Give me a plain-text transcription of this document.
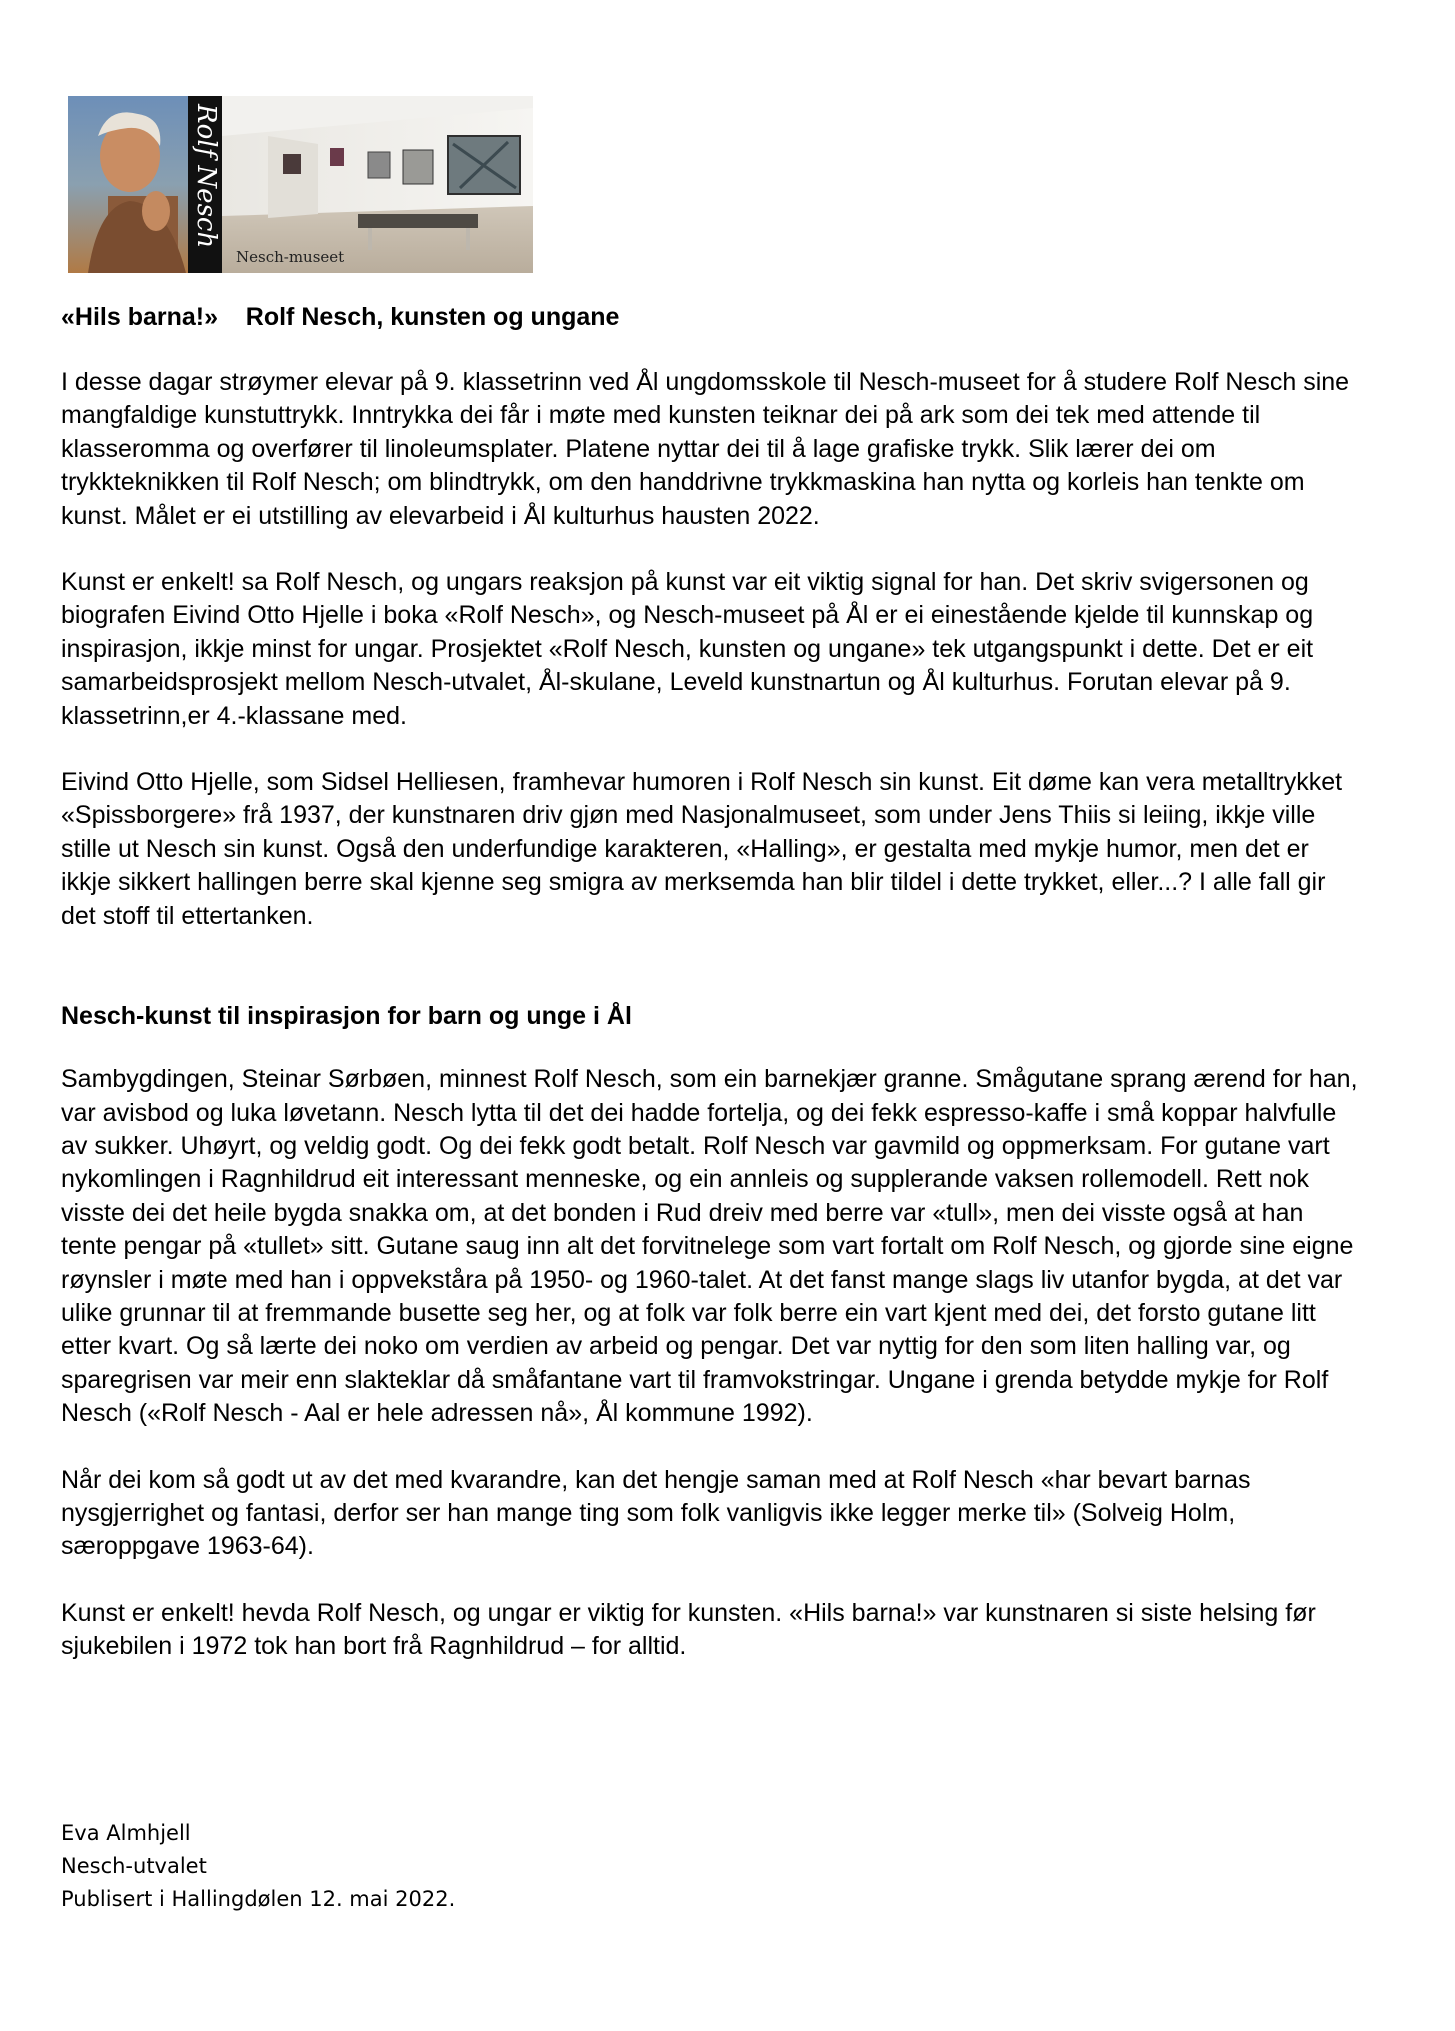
Rolf Nesch
Nesch-museet
«Hils barna!»    Rolf Nesch, kunsten og ungane

I desse dagar strøymer elevar på 9. klassetrinn ved Ål ungdomsskole til Nesch-museet for å studere Rolf Nesch sine mangfaldige kunstuttrykk. Inntrykka dei får i møte med kunsten teiknar dei på ark som dei tek med attende til klasseromma og overfører til linoleumsplater. Platene nyttar dei til å lage grafiske trykk. Slik lærer dei om trykkteknikken til Rolf Nesch; om blindtrykk, om den handdrivne trykkmaskina han nytta og korleis han tenkte om kunst. Målet er ei utstilling av elevarbeid i Ål kulturhus hausten 2022.

Kunst er enkelt! sa Rolf Nesch, og ungars reaksjon på kunst var eit viktig signal for han. Det skriv svigersonen og biografen Eivind Otto Hjelle i boka «Rolf Nesch», og Nesch-museet på Ål er ei einestående kjelde til kunnskap og inspirasjon, ikkje minst for ungar. Prosjektet «Rolf Nesch, kunsten og ungane» tek utgangspunkt i dette. Det er eit samarbeidsprosjekt mellom Nesch-utvalet, Ål-skulane, Leveld kunstnartun og Ål kulturhus. Forutan elevar på 9. klassetrinn,er 4.-klassane med.

Eivind Otto Hjelle, som Sidsel Helliesen, framhevar humoren i Rolf Nesch sin kunst. Eit døme kan vera metalltrykket «Spissborgere» frå 1937, der kunstnaren driv gjøn med Nasjonalmuseet, som under Jens Thiis si leiing, ikkje ville stille ut Nesch sin kunst. Også den underfundige karakteren, «Halling», er gestalta med mykje humor, men det er ikkje sikkert hallingen berre skal kjenne seg smigra av merksemda han blir tildel i dette trykket, eller...? I alle fall gir det stoff til ettertanken.

Nesch-kunst til inspirasjon for barn og unge i Ål

Sambygdingen, Steinar Sørbøen, minnest Rolf Nesch, som ein barnekjær granne. Smågutane sprang ærend for han, var avisbod og luka løvetann. Nesch lytta til det dei hadde fortelja, og dei fekk espresso-kaffe i små koppar halvfulle av sukker. Uhøyrt, og veldig godt. Og dei fekk godt betalt. Rolf Nesch var gavmild og oppmerksam. For gutane vart nykomlingen i Ragnhildrud eit interessant menneske, og ein annleis og supplerande vaksen rollemodell. Rett nok visste dei det heile bygda snakka om, at det bonden i Rud dreiv med berre var «tull», men dei visste også at han tente pengar på «tullet» sitt. Gutane saug inn alt det forvitnelege som vart fortalt om Rolf Nesch, og gjorde sine eigne røynsler i møte med han i oppvekståra på 1950- og 1960-talet. At det fanst mange slags liv utanfor bygda, at det var ulike grunnar til at fremmande busette seg her, og at folk var folk berre ein vart kjent med dei, det forsto gutane litt etter kvart. Og så lærte dei noko om verdien av arbeid og pengar. Det var nyttig for den som liten halling var, og sparegrisen var meir enn slakteklar då småfantane vart til framvokstringar. Ungane i grenda betydde mykje for Rolf Nesch («Rolf Nesch - Aal er hele adressen nå», Ål kommune 1992).

Når dei kom så godt ut av det med kvarandre, kan det hengje saman med at Rolf Nesch «har bevart barnas nysgjerrighet og fantasi, derfor ser han mange ting som folk vanligvis ikke legger merke til» (Solveig Holm, særoppgave 1963-64).

Kunst er enkelt! hevda Rolf Nesch, og ungar er viktig for kunsten. «Hils barna!» var kunstnaren si siste helsing før sjukebilen i 1972 tok han bort frå Ragnhildrud – for alltid.

Eva Almhjell
Nesch-utvalet
Publisert i Hallingdølen 12. mai 2022.
